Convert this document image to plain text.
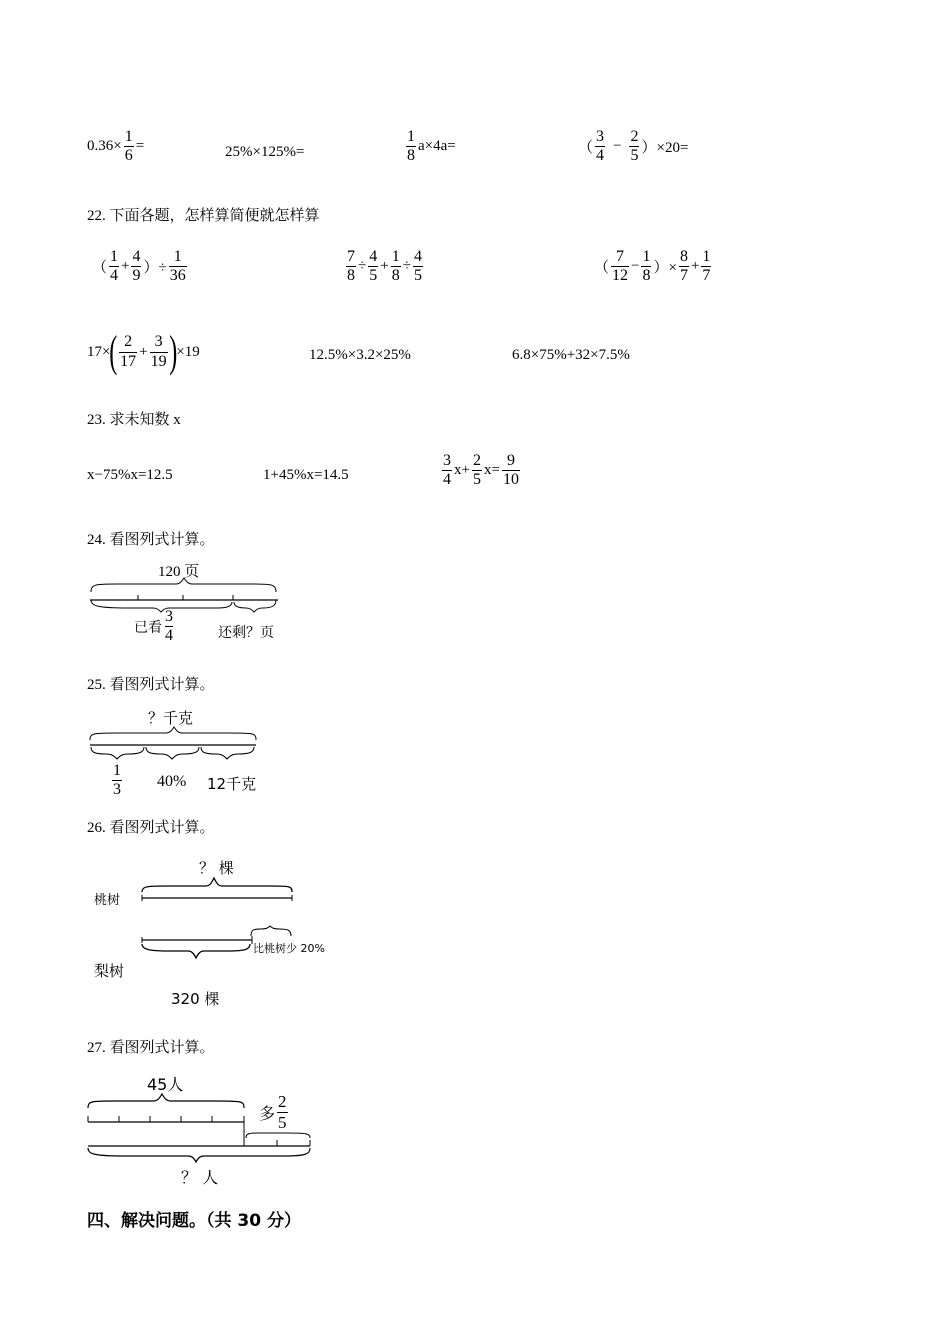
$0.36\times \frac{1}{6}$ =	25%×125%=	$\frac{1}{8} a\times 4a=$	（ $\frac{3}{4} - \frac{2}{5} )\times 20=$
22. 下面各题，怎样算简便就怎样算
（ $\frac{1}{4} + \frac{4}{9}$ ）÷ $\frac{1}{36}$	$\frac{7}{8} \div \frac{4}{5} + \frac{1}{8} \div \frac{4}{5}$	（ $\frac{7}{12} - \frac{1}{8}$ ）× $\frac{8}{7} + \frac{1}{7}$
17× ( $\frac{2}{17} + \frac{3}{19}$ ) ×19	12.5%×3.2×25%	6.8×75%+32×7.5%
23. 求未知数 x
x−75%x=12.5	1+45%x=14.5	$\frac{3}{4} x+ \frac{2}{5} x= \frac{9}{10}$
24. 看图列式计算。
120 页
已看 $\frac{3}{4}$	还剩？页
25. 看图列式计算。
？千克
$\frac{1}{3} 40\%$ 12千克
26. 看图列式计算。
？ 棵
桃树
比桃树少 20%
梨树
320 棵
27. 看图列式计算。
45人
多 $\frac{2}{5}$
？ 人
四、解决问题。（共 30 分）
